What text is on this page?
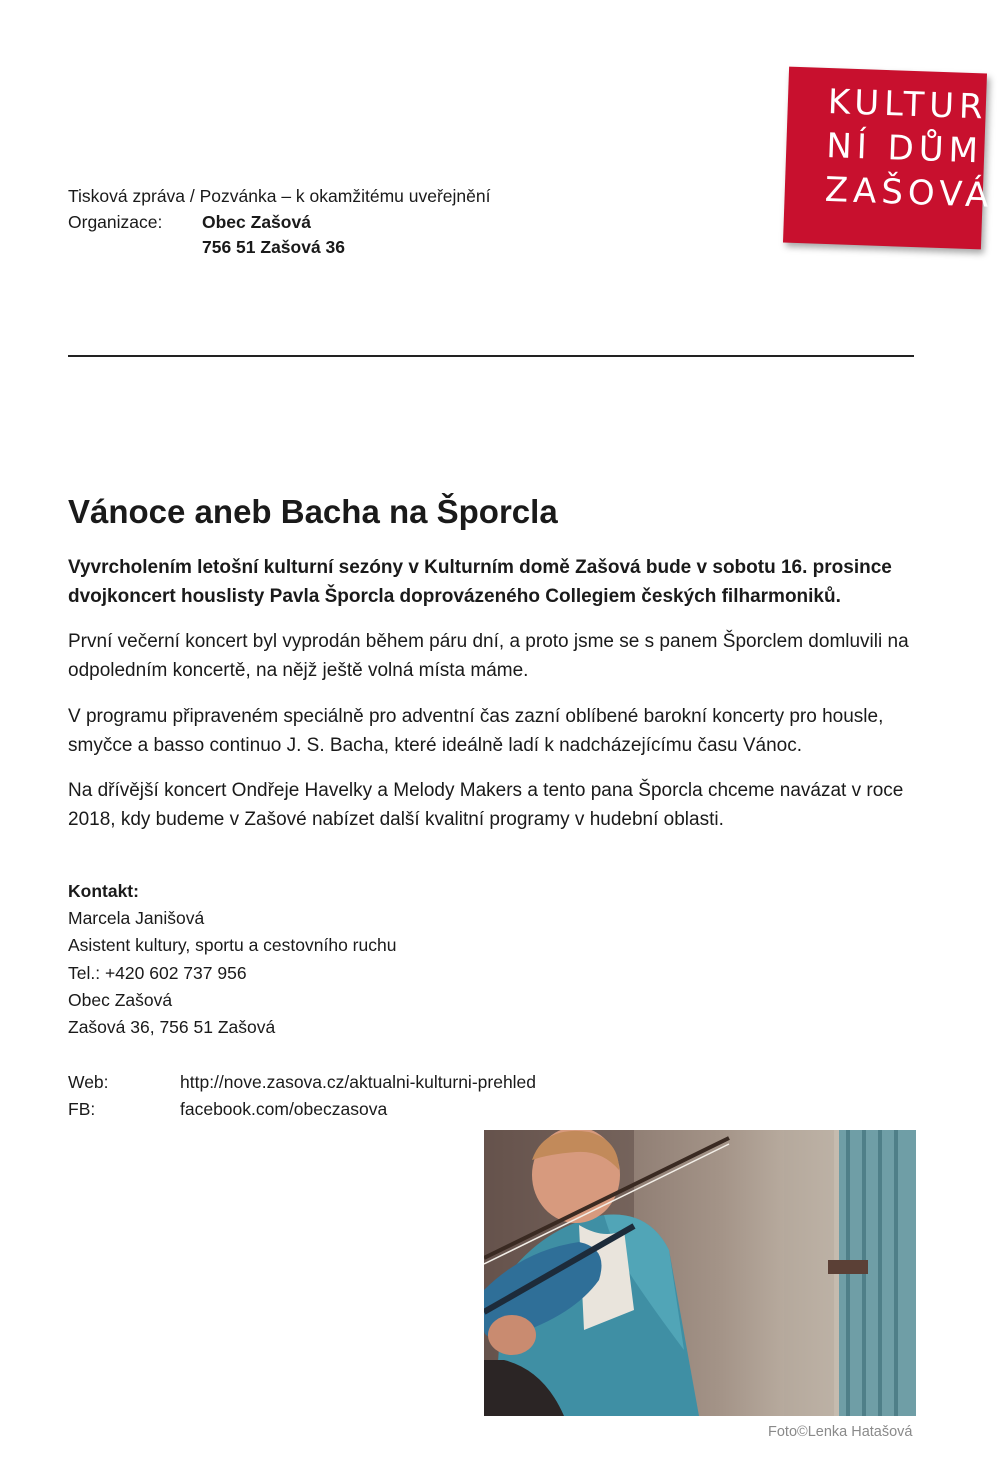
KULTUR
NÍ DŮM
ZAŠOVÁ
Tisková zpráva / Pozvánka – k okamžitému uveřejnění
Organizace: Obec Zašová
756 51 Zašová 36
Vánoce aneb Bacha na Šporcla

Vyvrcholením letošní kulturní sezóny v Kulturním domě Zašová bude v sobotu 16. prosince dvojkoncert houslisty Pavla Šporcla doprovázeného Collegiem českých filharmoniků.

První večerní koncert byl vyprodán během páru dní, a proto jsme se s panem Šporclem domluvili na odpoledním koncertě, na nějž ještě volná místa máme.

V programu připraveném speciálně pro adventní čas zazní oblíbené barokní koncerty pro housle, smyčce a basso continuo J. S. Bacha, které ideálně ladí k nadcházejícímu času Vánoc.

Na dřívější koncert Ondřeje Havelky a Melody Makers a tento pana Šporcla chceme navázat v roce 2018, kdy budeme v Zašové nabízet další kvalitní programy v hudební oblasti.

Kontakt:
Marcela Janišová
Asistent kultury, sportu a cestovního ruchu
Tel.: +420 602 737 956
Obec Zašová
Zašová 36, 756 51 Zašová
Web:	http://nove.zasova.cz/aktualni-kulturni-prehled
FB:	facebook.com/obeczasova
Foto©Lenka Hatašová
